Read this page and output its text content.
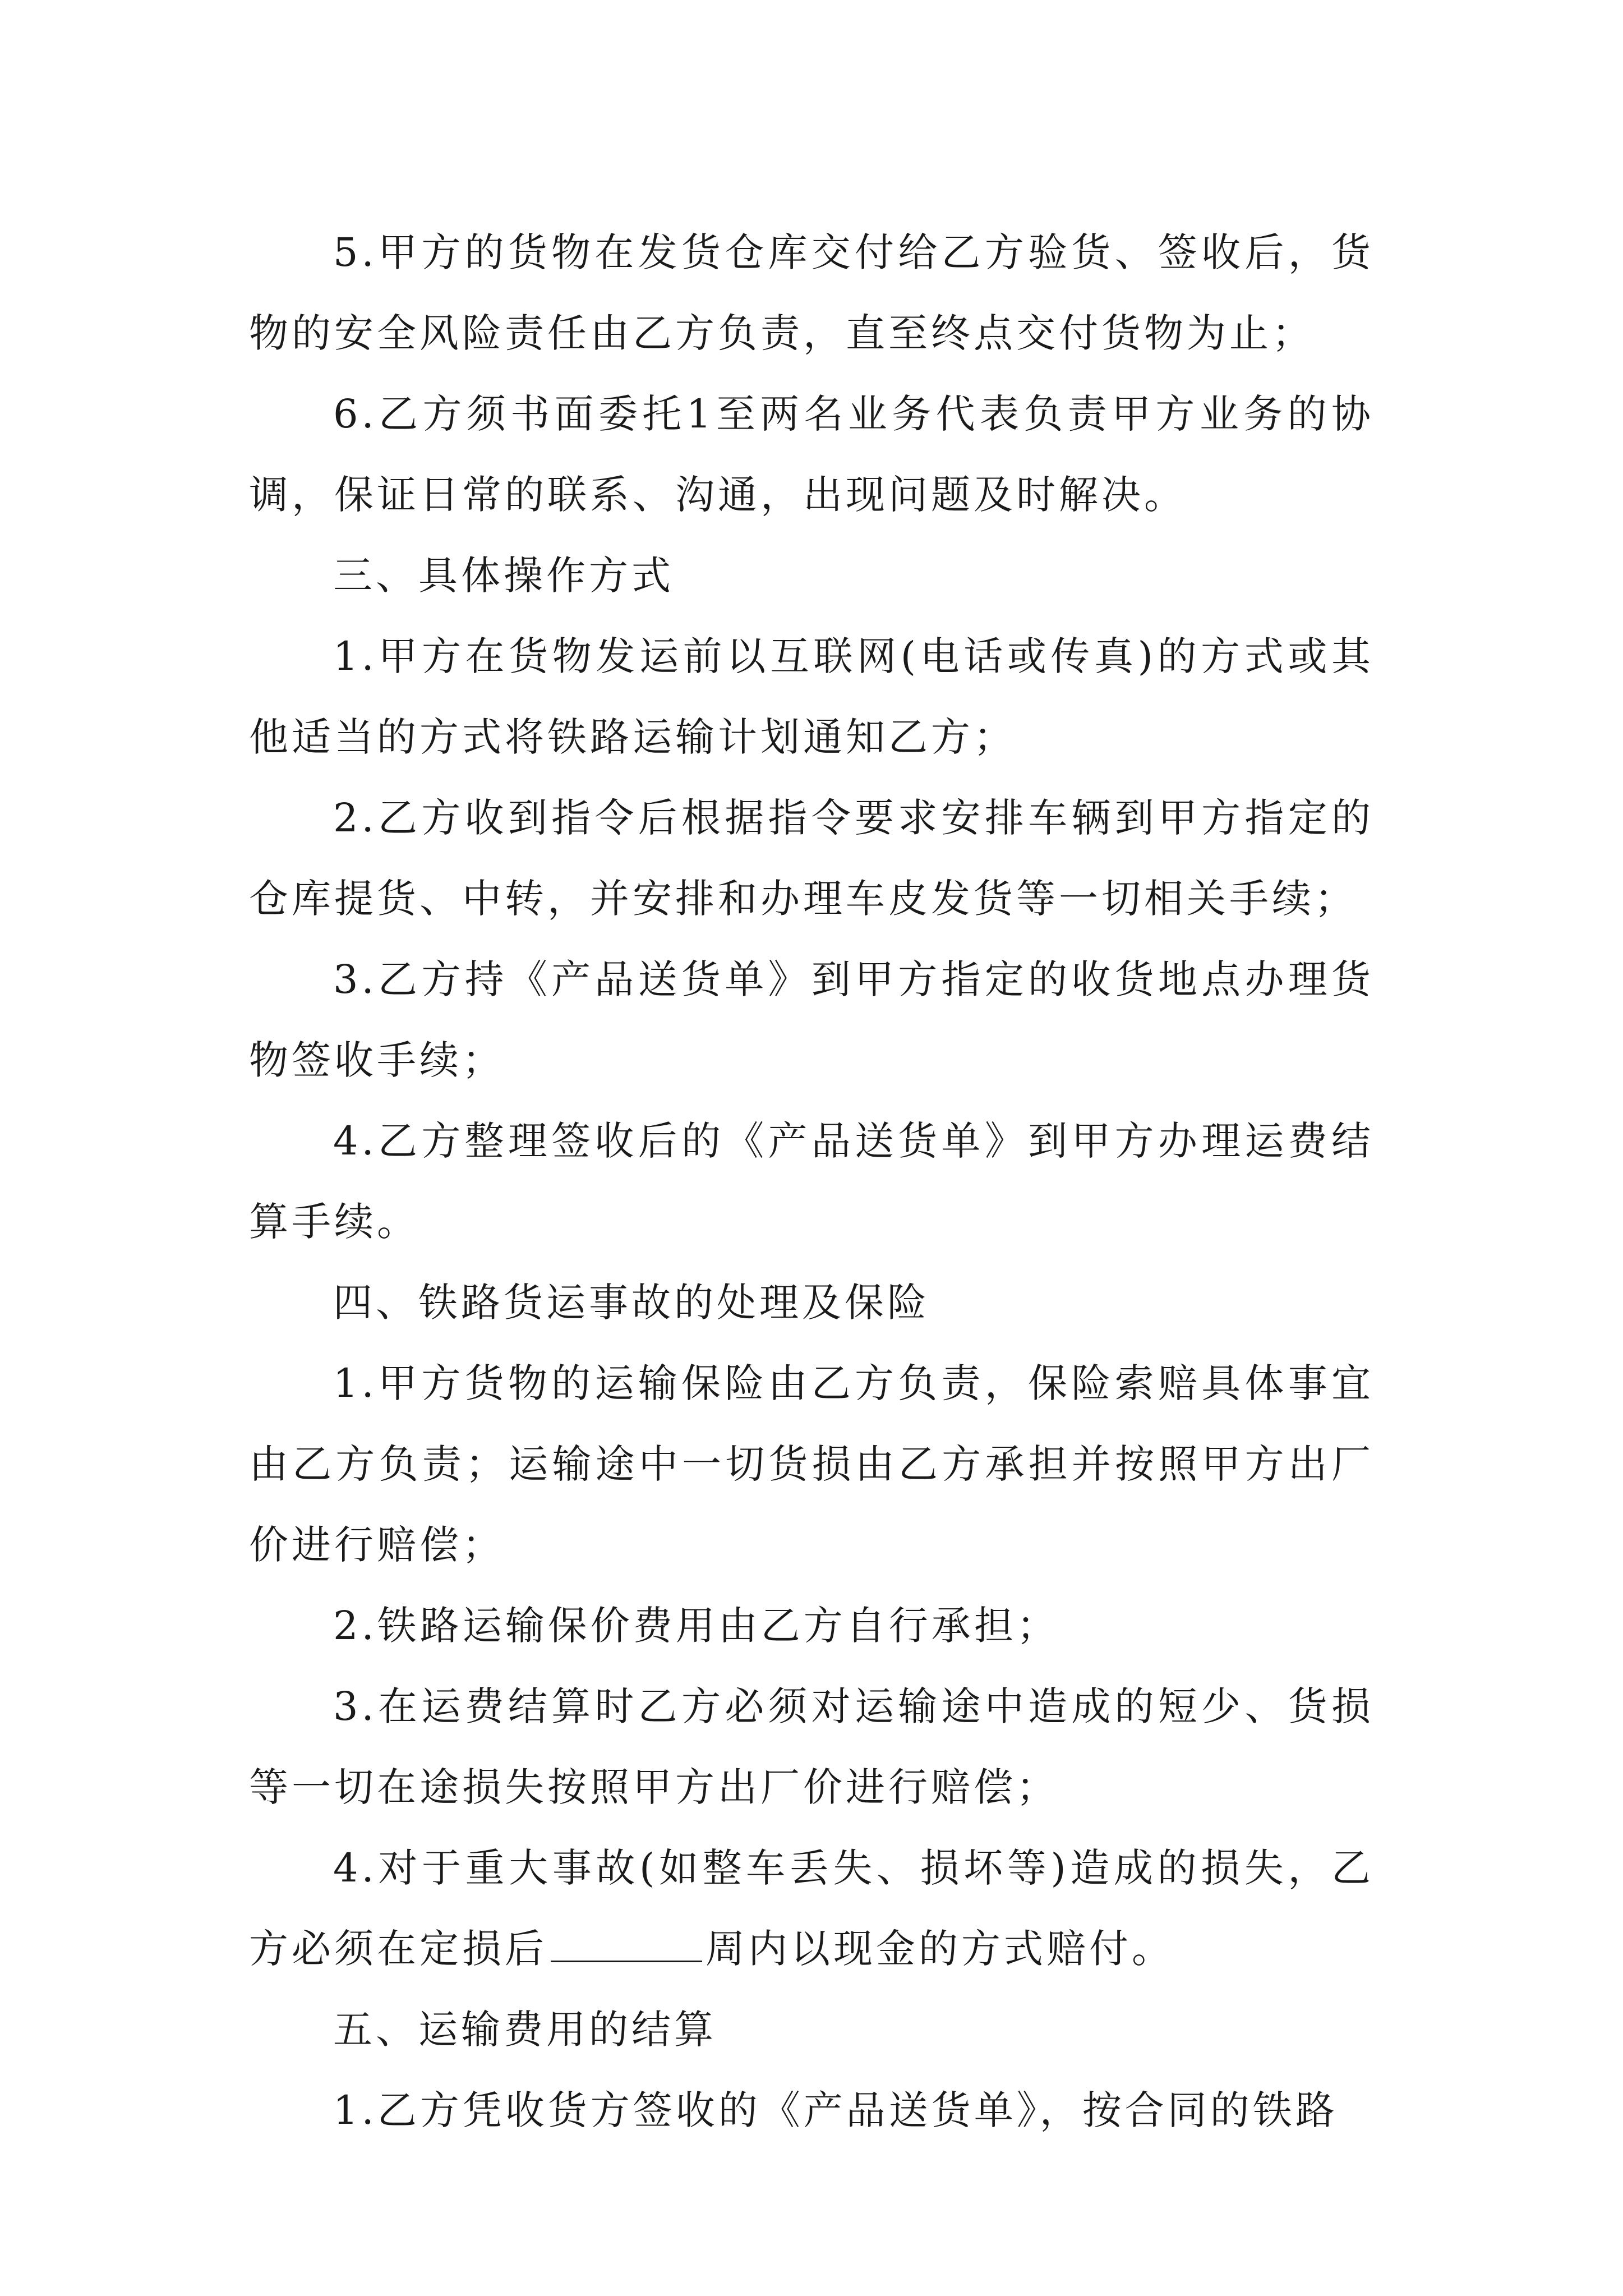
5.甲方的货物在发货仓库交付给乙方验货、签收后，货物的安全风险责任由乙方负责，直至终点交付货物为止；

6.乙方须书面委托1至两名业务代表负责甲方业务的协调，保证日常的联系、沟通，出现问题及时解决。

三、具体操作方式

1.甲方在货物发运前以互联网(电话或传真)的方式或其他适当的方式将铁路运输计划通知乙方；

2.乙方收到指令后根据指令要求安排车辆到甲方指定的仓库提货、中转，并安排和办理车皮发货等一切相关手续；

3.乙方持《产品送货单》到甲方指定的收货地点办理货物签收手续；

4.乙方整理签收后的《产品送货单》到甲方办理运费结算手续。

四、铁路货运事故的处理及保险

1.甲方货物的运输保险由乙方负责，保险索赔具体事宜由乙方负责；运输途中一切货损由乙方承担并按照甲方出厂价进行赔偿；

2.铁路运输保价费用由乙方自行承担；

3.在运费结算时乙方必须对运输途中造成的短少、货损等一切在途损失按照甲方出厂价进行赔偿；

4.对于重大事故(如整车丢失、损坏等)造成的损失，乙方必须在定损后	周内以现金的方式赔付。

五、运输费用的结算

1.乙方凭收货方签收的《产品送货单》，按合同的铁路
